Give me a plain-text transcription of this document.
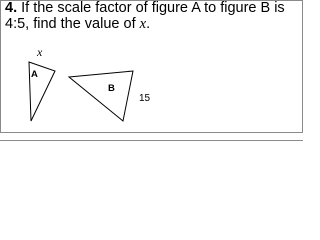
4. If the scale factor of figure A to figure B is 4:5, find the value of x.
x
A
B
15
